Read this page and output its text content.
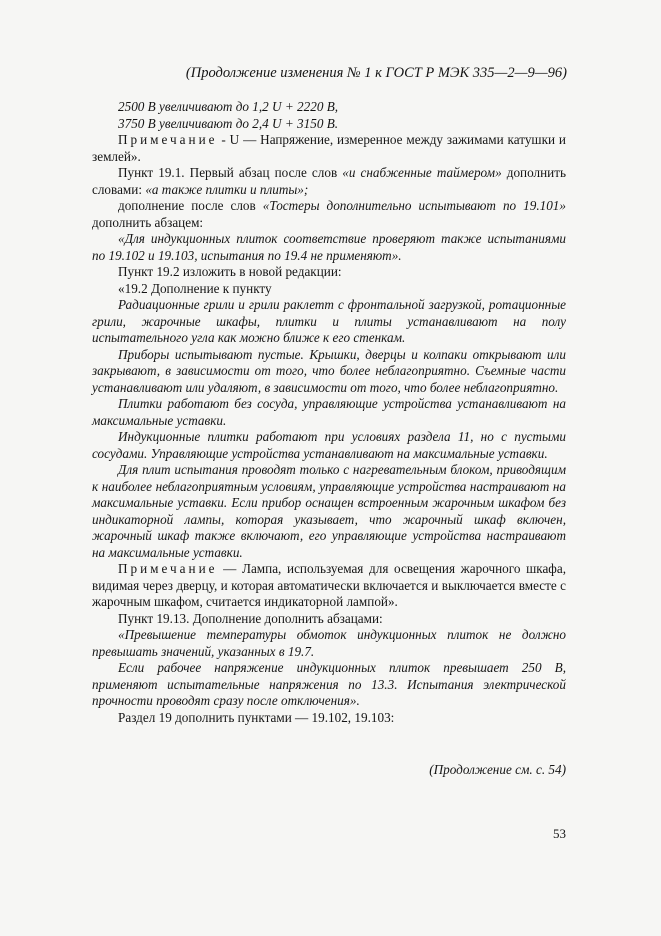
(Продолжение изменения № 1 к ГОСТ Р МЭК 335—2—9—96)

2500 В увеличивают до 1,2 U + 2220 В,

3750 В увеличивают до 2,4 U + 3150 В.

Примечание - U — Напряжение, измеренное между зажимами катушки и землей».

Пункт 19.1. Первый абзац после слов «и снабженные таймером» дополнить словами: «а также плитки и плиты»;

дополнение после слов «Тостеры дополнительно испытывают по 19.101» дополнить абзацем:

«Для индукционных плиток соответствие проверяют также испытаниями по 19.102 и 19.103, испытания по 19.4 не применяют».

Пункт 19.2 изложить в новой редакции:

«19.2 Дополнение к пункту

Радиационные грили и грили раклетт с фронтальной загрузкой, ротационные грили, жарочные шкафы, плитки и плиты устанавливают на полу испытательного угла как можно ближе к его стенкам.

Приборы испытывают пустые. Крышки, дверцы и колпаки открывают или закрывают, в зависимости от того, что более неблагоприятно. Съемные части устанавливают или удаляют, в зависимости от того, что более неблагоприятно.

Плитки работают без сосуда, управляющие устройства устанавливают на максимальные уставки.

Индукционные плитки работают при условиях раздела 11, но с пустыми сосудами. Управляющие устройства устанавливают на максимальные уставки.

Для плит испытания проводят только с нагревательным блоком, приводящим к наиболее неблагоприятным условиям, управляющие устройства настраивают на максимальные уставки. Если прибор оснащен встроенным жарочным шкафом без индикаторной лампы, которая указывает, что жарочный шкаф включен, жарочный шкаф также включают, его управляющие устройства настраивают на максимальные уставки.

Примечание — Лампа, используемая для освещения жарочного шкафа, видимая через дверцу, и которая автоматически включается и выключается вместе с жарочным шкафом, считается индикаторной лампой».

Пункт 19.13. Дополнение дополнить абзацами:

«Превышение температуры обмоток индукционных плиток не должно превышать значений, указанных в 19.7.

Если рабочее напряжение индукционных плиток превышает 250 В, применяют испытательные напряжения по 13.3. Испытания электрической прочности проводят сразу после отключения».

Раздел 19 дополнить пунктами — 19.102, 19.103:

(Продолжение см. с. 54)
53
